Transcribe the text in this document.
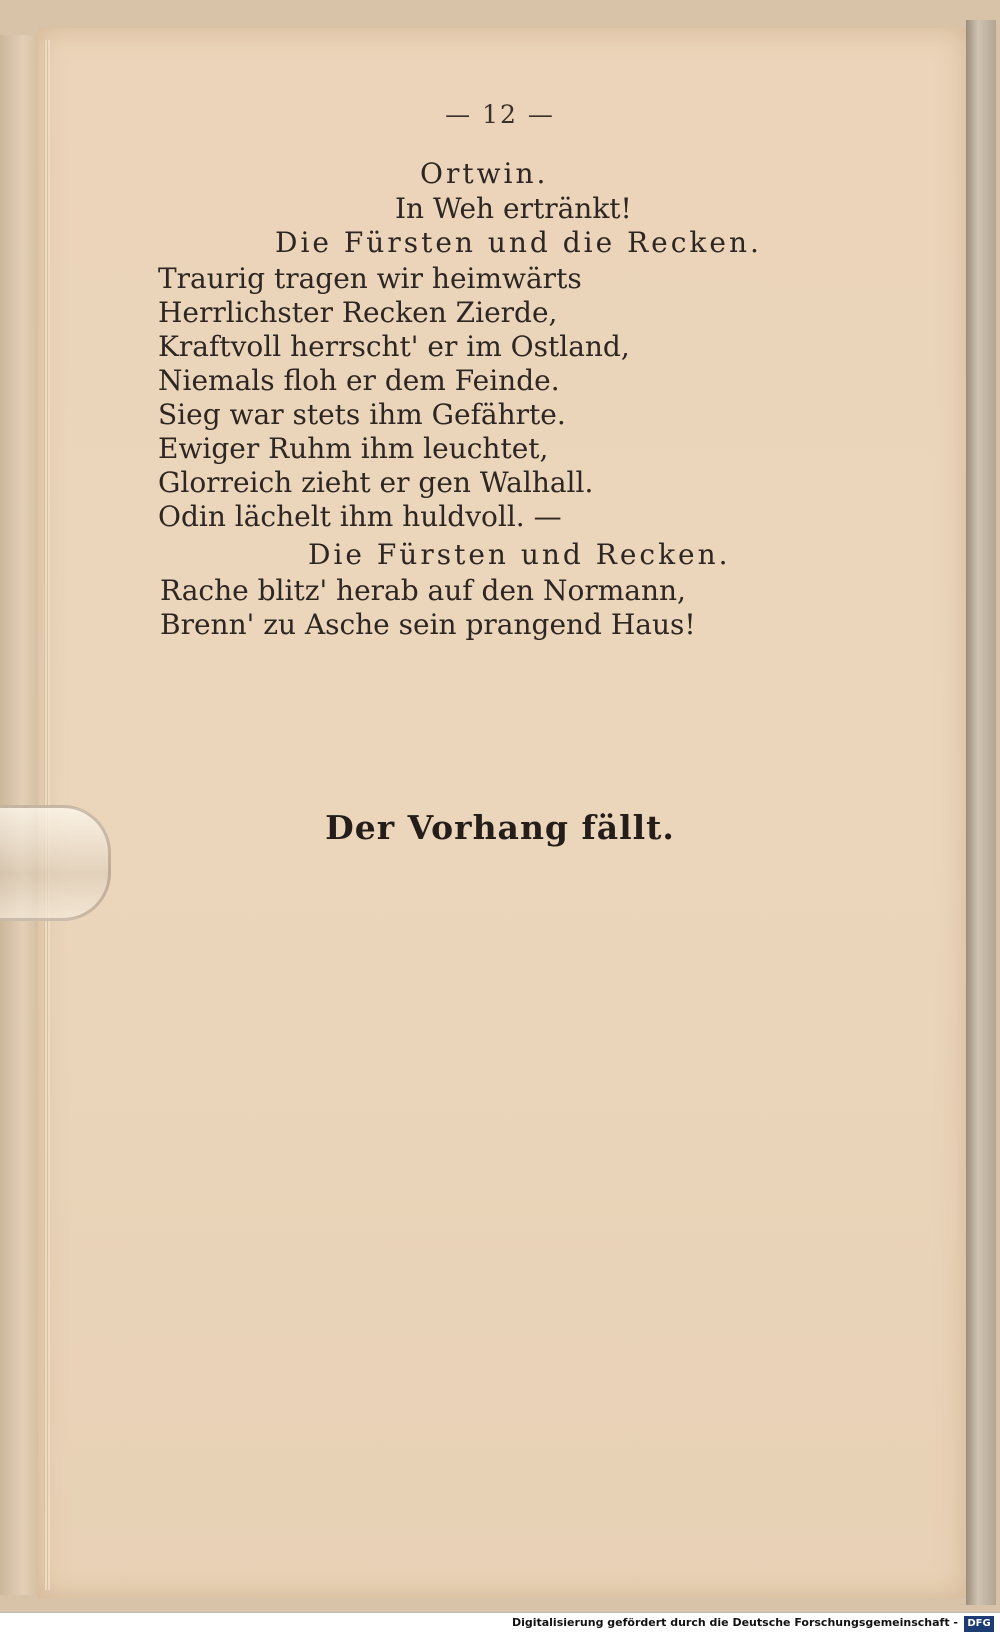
— 12 —
Ortwin.
In Weh ertränkt!
Die Fürsten und die Recken.
Traurig tragen wir heimwärts
Herrlichster Recken Zierde,
Kraftvoll herrscht' er im Ostland,
Niemals floh er dem Feinde.
Sieg war stets ihm Gefährte.
Ewiger Ruhm ihm leuchtet,
Glorreich zieht er gen Walhall.
Odin lächelt ihm huldvoll. —
Die Fürsten und Recken.
Rache blitz' herab auf den Normann,
Brenn' zu Asche sein prangend Haus!
Der Vorhang fällt.
Digitalisierung gefördert durch die Deutsche Forschungsgemeinschaft - DFG
